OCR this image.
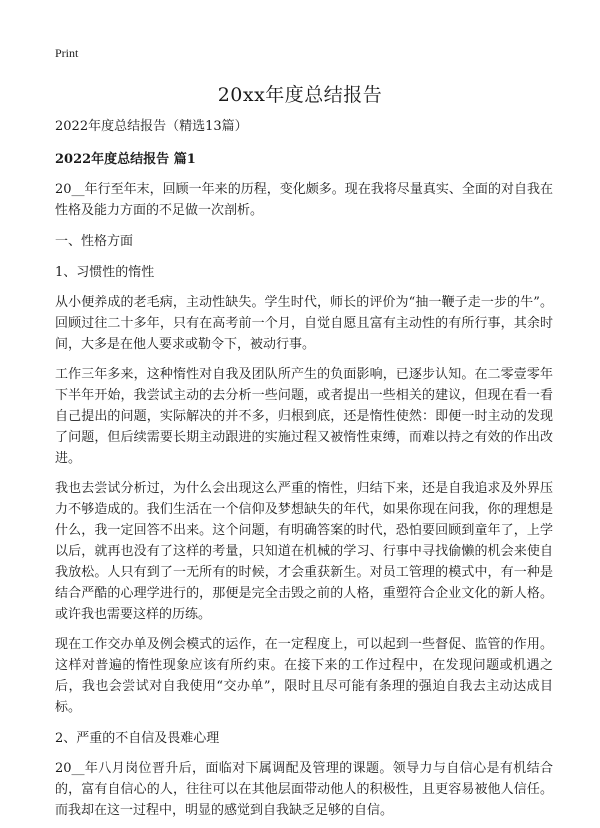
Print
20xx年度总结报告

2022年度总结报告（精选13篇）

2022年度总结报告 篇1

20__年行至年末，回顾一年来的历程，变化颇多。现在我将尽量真实、全面的对自我在性格及能力方面的不足做一次剖析。

一、性格方面

1、习惯性的惰性

从小便养成的老毛病，主动性缺失。学生时代，师长的评价为“抽一鞭子走一步的牛”。回顾过往二十多年，只有在高考前一个月，自觉自愿且富有主动性的有所行事，其余时间，大多是在他人要求或勒令下，被动行事。

工作三年多来，这种惰性对自我及团队所产生的负面影响，已逐步认知。在二零壹零年下半年开始，我尝试主动的去分析一些问题，或者提出一些相关的建议，但现在看一看自己提出的问题，实际解决的并不多，归根到底，还是惰性使然：即便一时主动的发现了问题，但后续需要长期主动跟进的实施过程又被惰性束缚，而难以持之有效的作出改进。

我也去尝试分析过，为什么会出现这么严重的惰性，归结下来，还是自我追求及外界压力不够造成的。我们生活在一个信仰及梦想缺失的年代，如果你现在问我，你的理想是什么，我一定回答不出来。这个问题，有明确答案的时代，恐怕要回顾到童年了，上学以后，就再也没有了这样的考量，只知道在机械的学习、行事中寻找偷懒的机会来使自我放松。人只有到了一无所有的时候，才会重获新生。对员工管理的模式中，有一种是结合严酷的心理学进行的，那便是完全击毁之前的人格，重塑符合企业文化的新人格。或许我也需要这样的历练。

现在工作交办单及例会模式的运作，在一定程度上，可以起到一些督促、监管的作用。这样对普遍的惰性现象应该有所约束。在接下来的工作过程中，在发现问题或机遇之后，我也会尝试对自我使用“交办单”，限时且尽可能有条理的强迫自我去主动达成目标。

2、严重的不自信及畏难心理

20__年八月岗位晋升后，面临对下属调配及管理的课题。领导力与自信心是有机结合的，富有自信心的人，往往可以在其他层面带动他人的积极性，且更容易被他人信任。而我却在这一过程中，明显的感觉到自我缺乏足够的自信。
